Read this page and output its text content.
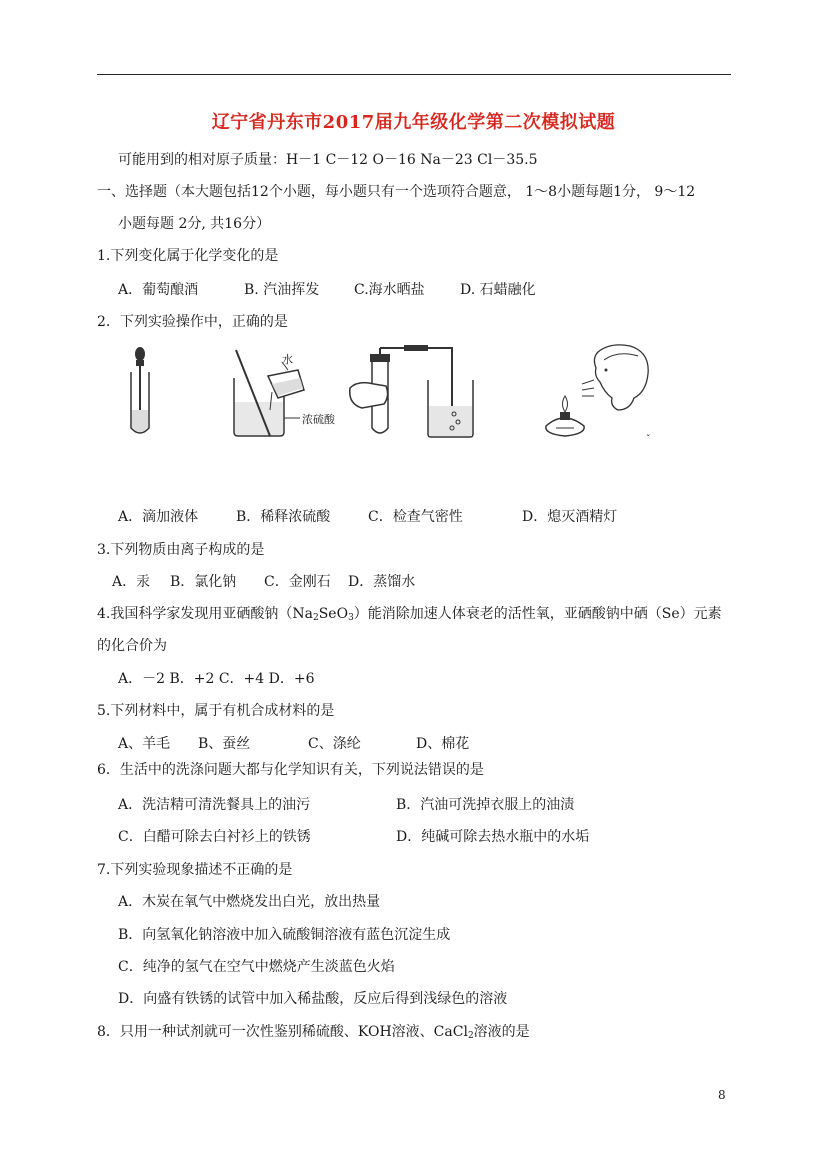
辽宁省丹东市2017届九年级化学第二次模拟试题
可能用到的相对原子质量：H－1 C－12 O－16 Na－23 Cl－35.5
一、选择题（本大题包括12个小题，每小题只有一个选项符合题意， 1～8小题每题1分， 9～12
小题每题 2分, 共16分）
1.下列变化属于化学变化的是
A．葡萄酿酒	B. 汽油挥发 C.海水晒盐	D. 石蜡融化
2．下列实验操作中，正确的是
水
浓硫酸
ˇ
A．滴加液体	B．稀释浓硫酸	C．检查气密性	D．熄灭酒精灯
3.下列物质由离子构成的是
A．汞 B．氯化钠 C．金刚石 D．蒸馏水
4.我国科学家发现用亚硒酸钠$(Na_2SeO_3)$能消除加速人体衰老的活性氧，亚硒酸钠中硒（Se）元素
的化合价为
A．－2 B．+2 C．+4 D．+6
5.下列材料中，属于有机合成材料的是
A、羊毛 B、蚕丝	C、涤纶	D、棉花
6．生活中的洗涤问题大都与化学知识有关，下列说法错误的是
A．洗洁精可清洗餐具上的油污	B．汽油可洗掉衣服上的油渍
C．白醋可除去白衬衫上的铁锈	D．纯碱可除去热水瓶中的水垢
7.下列实验现象描述不正确的是
A．木炭在氧气中燃烧发出白光，放出热量
B．向氢氧化钠溶液中加入硫酸铜溶液有蓝色沉淀生成
C．纯净的氢气在空气中燃烧产生淡蓝色火焰
D．向盛有铁锈的试管中加入稀盐酸，反应后得到浅绿色的溶液
8．只用一种试剂就可一次性鉴别稀硫酸、KOH溶液、CaCl$_2$溶液的是
8
